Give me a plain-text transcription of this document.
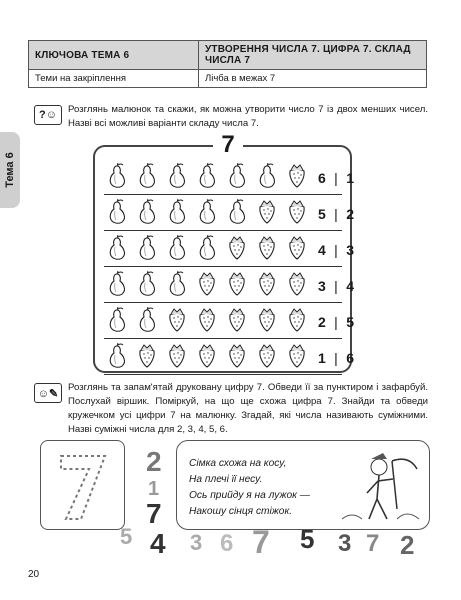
КЛЮЧОВА ТЕМА 6	УТВОРЕННЯ ЧИСЛА 7. ЦИФРА 7. СКЛАД ЧИСЛА 7
Теми на закріплення	Лічба в межах 7
Тема 6
?☺	Розглянь малюнок та скажи, як можна утворити число 7 із двох менших чисел. Назві всі можливі варіанти складу числа 7.
7
6 | 1
5 | 2
4 | 3
3 | 4
2 | 5
1 | 6
☺✎	Розглянь та запам'ятай друковану цифру 7. Обведи її за пунктиром і зафарбуй. Послухай віршик. Поміркуй, на що ще схожа цифра 7. Знайди та обведи кружечком усі цифри 7 на малюнку. Згадай, які числа називають суміжними. Назві суміжні числа для 2, 3, 4, 5, 6.
Сімка схожа на косу,
На плечі її несу.
Ось прийду я на лужок —
Накошу сінця стіжок.
2
1
7
5 4 3 6 7 5 3 7 2
20
